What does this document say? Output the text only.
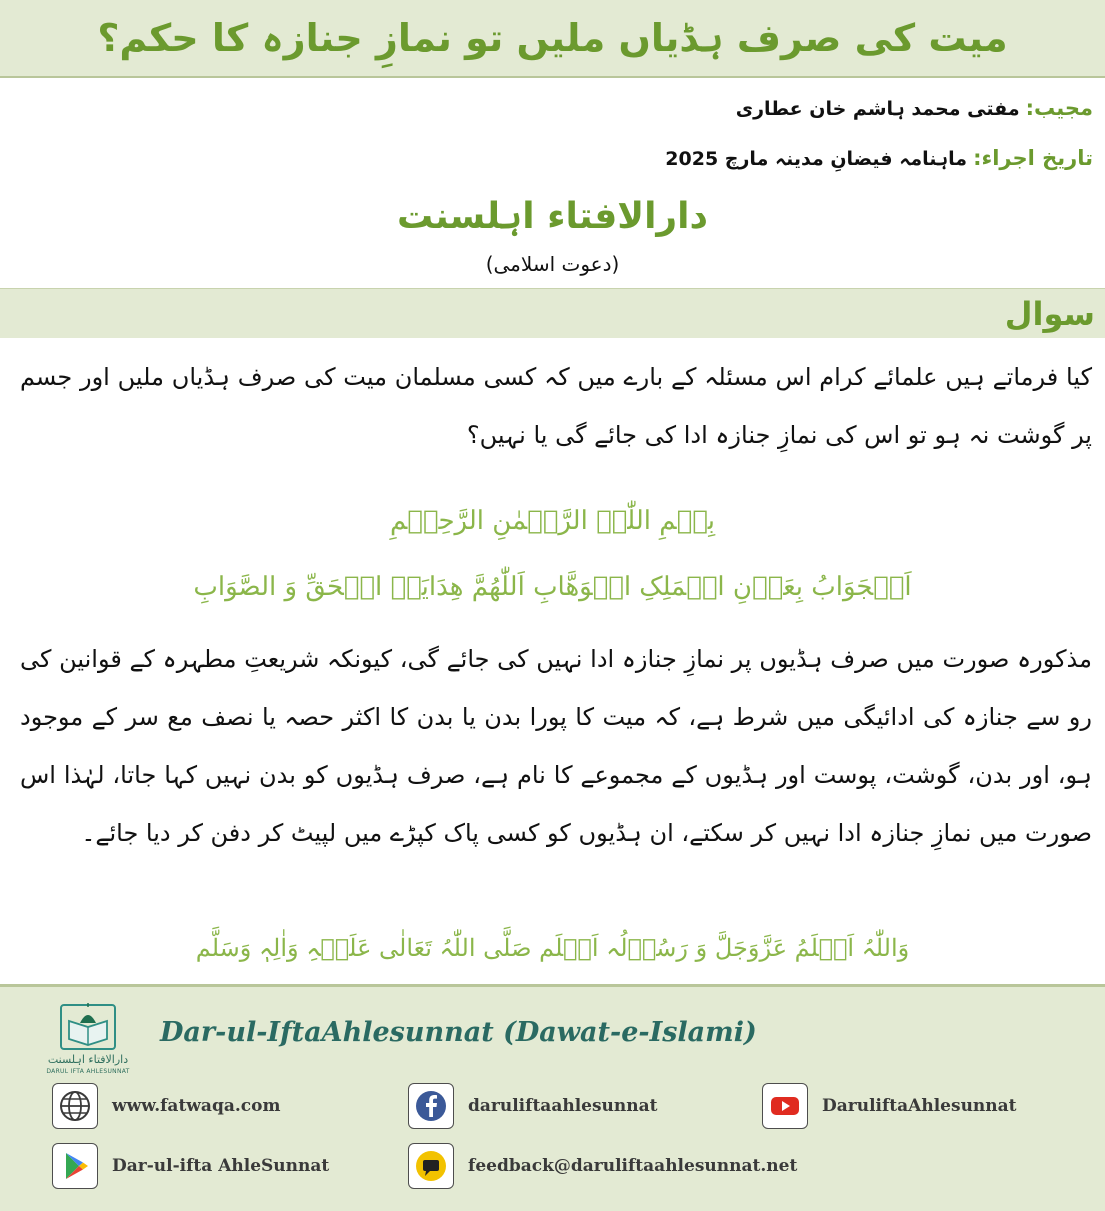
میت کی صرف ہڈیاں ملیں تو نمازِ جنازہ کا حکم؟
مجیب: مفتی محمد ہاشم خان عطاری
تاریخ اجراء: ماہنامہ فیضانِ مدینہ مارچ 2025
دارالافتاء اہلسنت
(دعوت اسلامی)
سوال

کیا فرماتے ہیں علمائے کرام اس مسئلہ کے بارے میں کہ کسی مسلمان میت کی صرف ہڈیاں ملیں اور جسم پر گوشت نہ ہو تو اس کی نمازِ جنازہ ادا کی جائے گی یا نہیں؟

بِسۡمِ اللّٰہِ الرَّحۡمٰنِ الرَّحِیۡمِ
اَلۡجَوَابُ بِعَوۡنِ الۡمَلِکِ الۡوَھَّابِ اَللّٰھُمَّ ھِدَایَۃَ الۡحَقِّ وَ الصَّوَابِ

مذکورہ صورت میں صرف ہڈیوں پر نمازِ جنازہ ادا نہیں کی جائے گی، کیونکہ شریعتِ مطہرہ کے قوانین کی رو سے جنازہ کی ادائیگی میں شرط ہے، کہ میت کا پورا بدن یا بدن کا اکثر حصہ یا نصف مع سر کے موجود ہو، اور بدن، گوشت، پوست اور ہڈیوں کے مجموعے کا نام ہے، صرف ہڈیوں کو بدن نہیں کہا جاتا، لہٰذا اس صورت میں نمازِ جنازہ ادا نہیں کر سکتے، ان ہڈیوں کو کسی پاک کپڑے میں لپیٹ کر دفن کر دیا جائے۔

وَاللّٰہُ اَعۡلَمُ عَزَّوَجَلَّ وَ رَسُوۡلُہ اَعۡلَم صَلَّی اللّٰہُ تَعَالٰی عَلَیۡہِ وَاٰلِہٖ وَسَلَّم
دارالافتاء اہلسنت
DARUL IFTA AHLESUNNAT
Dar-ul-IftaAhlesunnat (Dawat-e-Islami)
www.fatwaqa.com	daruliftaahlesunnat	DaruliftaAhlesunnat
Dar-ul-ifta AhleSunnat	feedback@daruliftaahlesunnat.net
